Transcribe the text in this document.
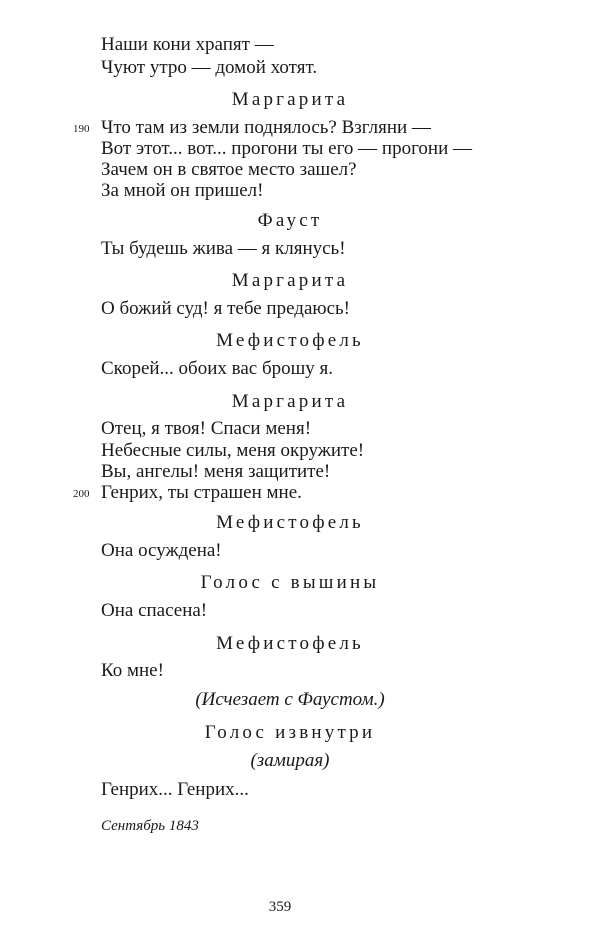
Наши кони храпят —
Чуют утро — домой хотят.
Маргарита
190 Что там из земли поднялось? Взгляни —
Вот этот... вот... прогони ты его — прогони —
Зачем он в святое место зашел?
За мной он пришел!
Фауст
Ты будешь жива — я клянусь!
Маргарита
О божий суд! я тебе предаюсь!
Мефистофель
Скорей... обоих вас брошу я.
Маргарита
Отец, я твоя! Спаси меня!
Небесные силы, меня окружите!
Вы, ангелы! меня защитите!
200 Генрих, ты страшен мне.
Мефистофель
Она осуждена!
Голос с вышины
Она спасена!
Мефистофель
Ко мне!
(Исчезает с Фаустом.)
Голос извнутри
(замирая)
Генрих... Генрих...
Сентябрь 1843
359
